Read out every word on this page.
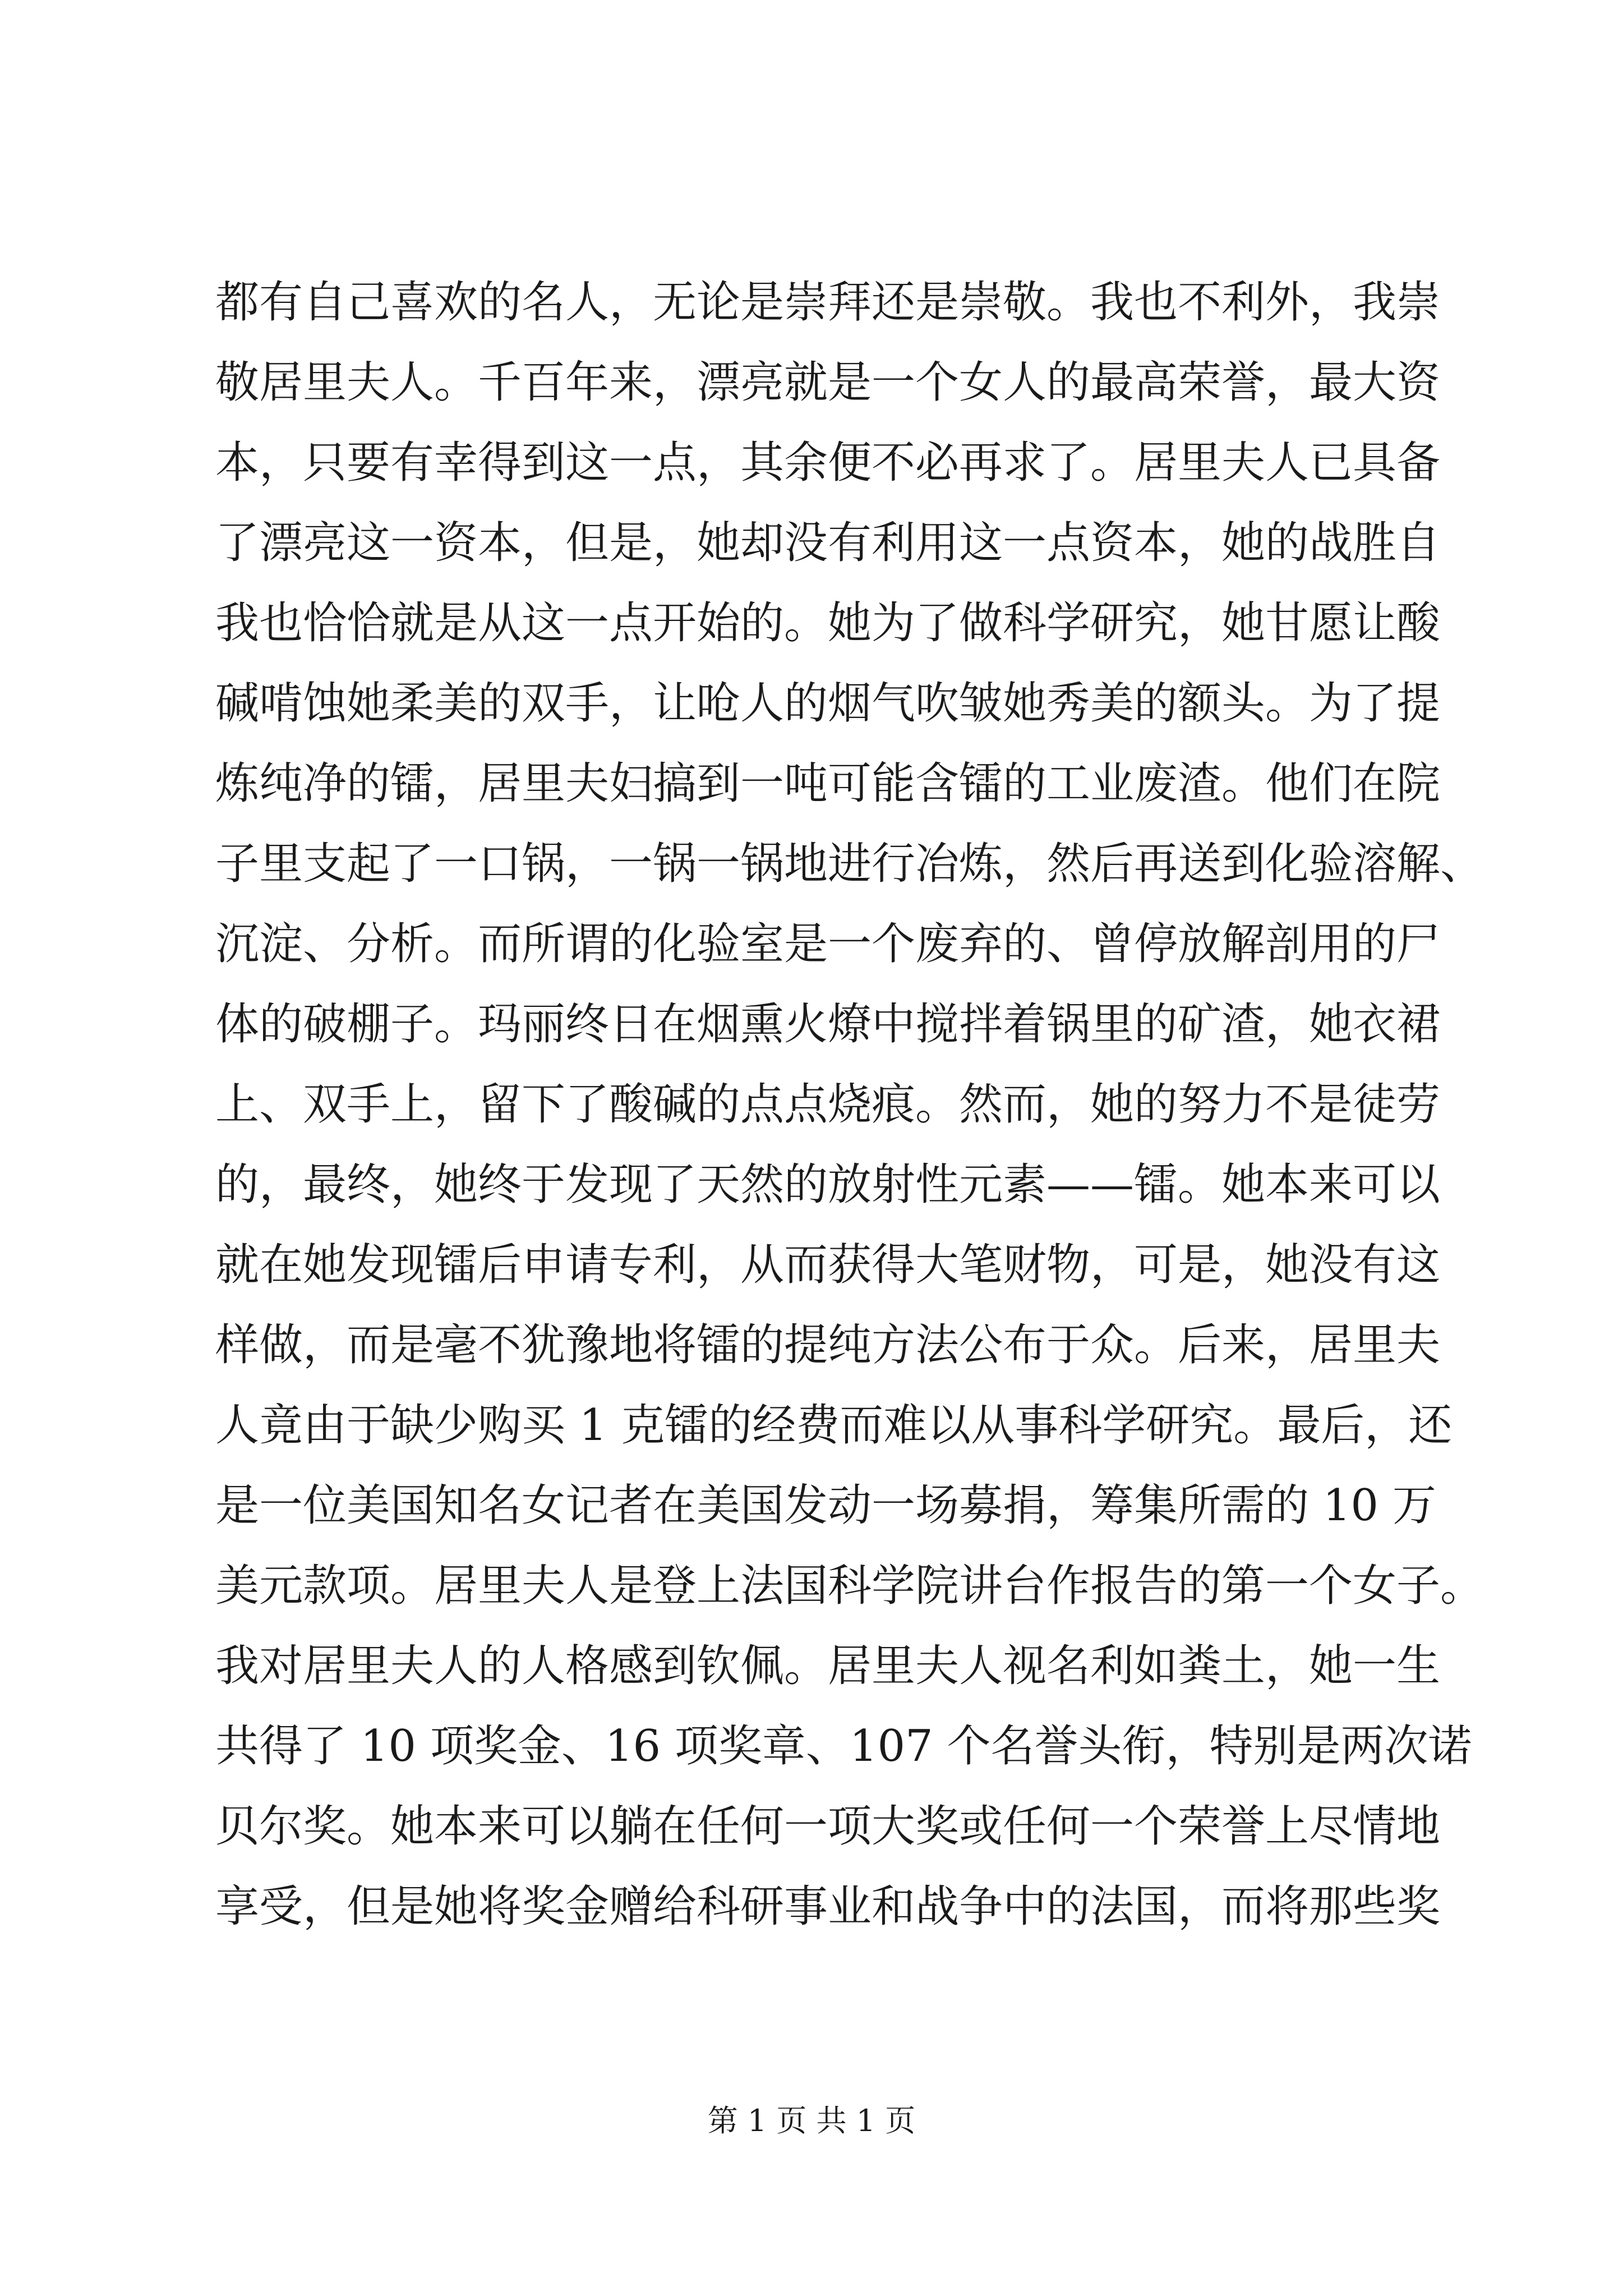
都有自己喜欢的名人，无论是崇拜还是崇敬。我也不利外，我崇
敬居里夫人。千百年来，漂亮就是一个女人的最高荣誉，最大资
本，只要有幸得到这一点，其余便不必再求了。居里夫人已具备
了漂亮这一资本，但是，她却没有利用这一点资本，她的战胜自
我也恰恰就是从这一点开始的。她为了做科学研究，她甘愿让酸
碱啃蚀她柔美的双手，让呛人的烟气吹皱她秀美的额头。为了提
炼纯净的镭，居里夫妇搞到一吨可能含镭的工业废渣。他们在院
子里支起了一口锅，一锅一锅地进行冶炼，然后再送到化验溶解、
沉淀、分析。而所谓的化验室是一个废弃的、曾停放解剖用的尸
体的破棚子。玛丽终日在烟熏火燎中搅拌着锅里的矿渣，她衣裙
上、双手上，留下了酸碱的点点烧痕。然而，她的努力不是徒劳
的，最终，她终于发现了天然的放射性元素——镭。她本来可以
就在她发现镭后申请专利，从而获得大笔财物，可是，她没有这
样做，而是毫不犹豫地将镭的提纯方法公布于众。后来，居里夫
人竟由于缺少购买 1 克镭的经费而难以从事科学研究。最后，还
是一位美国知名女记者在美国发动一场募捐，筹集所需的 10 万
美元款项。居里夫人是登上法国科学院讲台作报告的第一个女子。
我对居里夫人的人格感到钦佩。居里夫人视名利如粪土，她一生
共得了 10 项奖金、16 项奖章、107 个名誉头衔，特别是两次诺
贝尔奖。她本来可以躺在任何一项大奖或任何一个荣誉上尽情地
享受，但是她将奖金赠给科研事业和战争中的法国，而将那些奖
第 1 页 共 1 页
